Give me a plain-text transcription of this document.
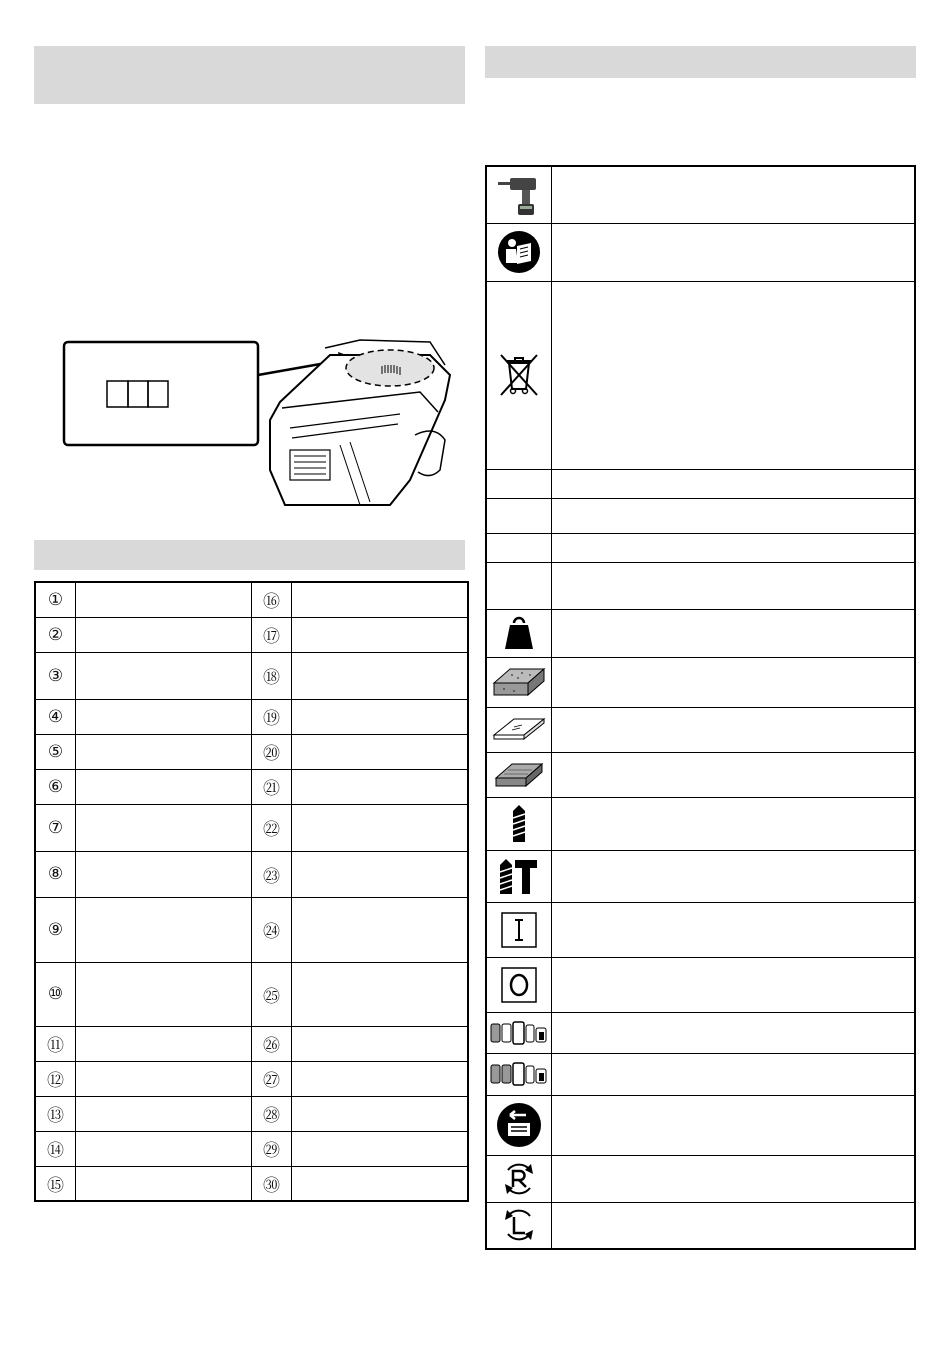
①		⑯	
②		⑰	
③		⑱	
④		⑲	
⑤		⑳	
⑥		㉑	
⑦		㉒	
⑧		㉓	
⑨		㉔	
⑩		㉕	
⑪		㉖	
⑫		㉗	
⑬		㉘	
⑭		㉙	
⑮		㉚	
